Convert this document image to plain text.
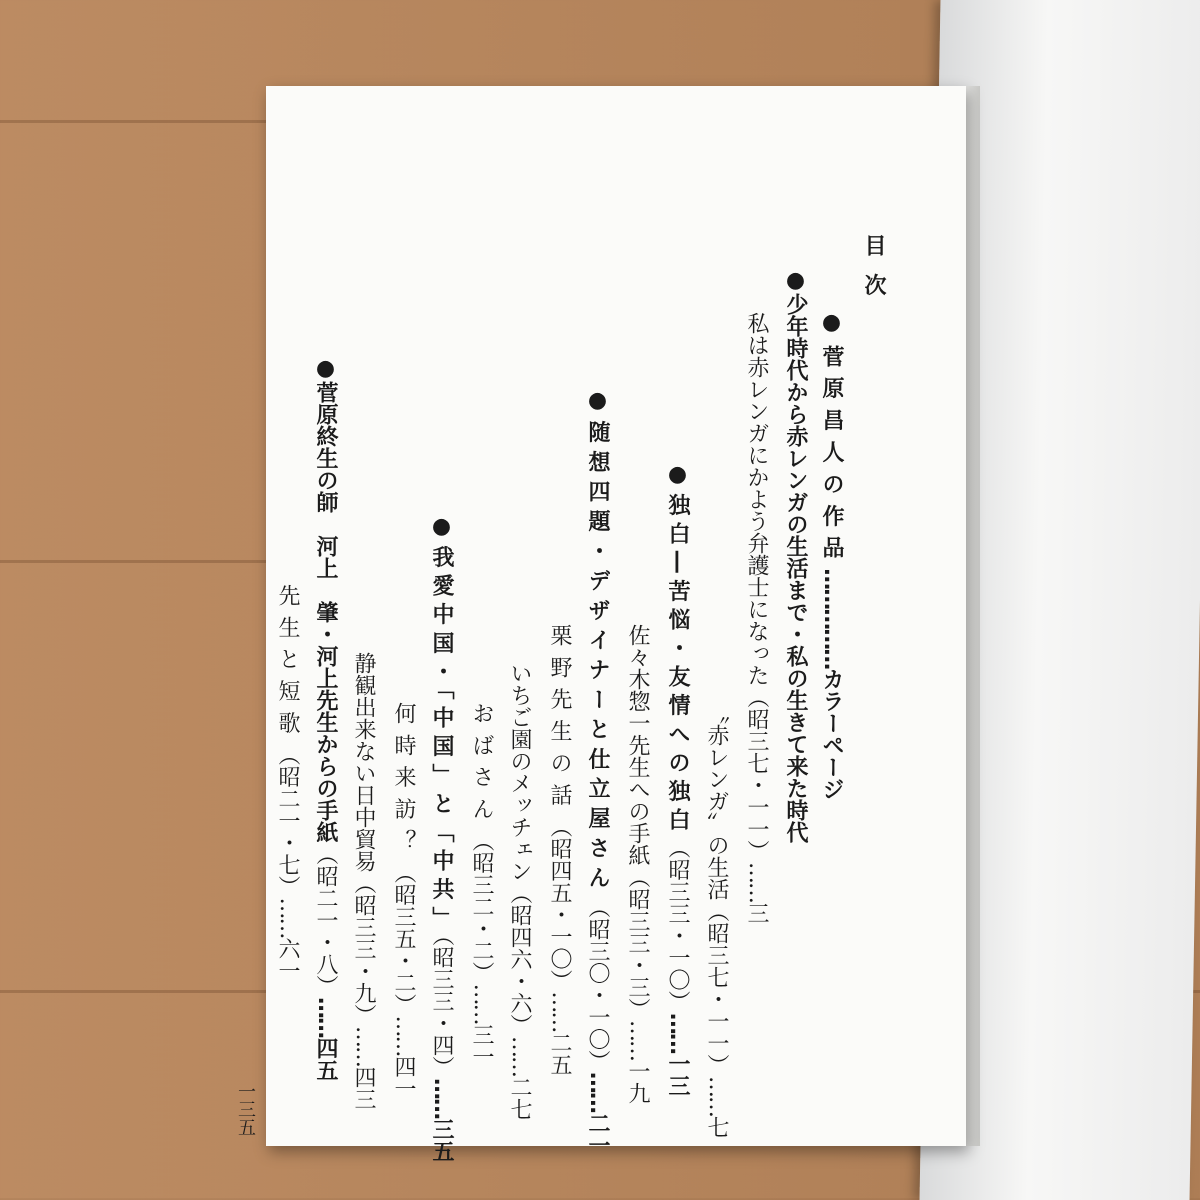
目次
●菅原昌人の作品……………カラーページ
●少年時代から赤レンガの生活まで・私の生きて来た時代
私は赤レンガにかよう弁護士になった（昭三七・一一）……三
〝赤レンガ〟の生活（昭三七・一一）……七
●独白―苦悩・友情への独白（昭三三・一〇）……一三
佐々木惣一先生への手紙（昭三三・三）……一九
●随想四題・デザイナーと仕立屋さん（昭三〇・一〇）……二一
栗野先生の話（昭四五・一〇）……二五
いちご園のメッチェン（昭四六・六）……二七
おばさん（昭三二・二）……三一
●我愛中国・「中国」と「中共」（昭三三・四）……三五
何時来訪？（昭三五・二）……四一
静観出来ない日中貿易（昭三三・九）……四三
●菅原終生の師　河上　肇・河上先生からの手紙（昭二一・八）……四五
先生と短歌（昭二一・七）……六一
一三五
